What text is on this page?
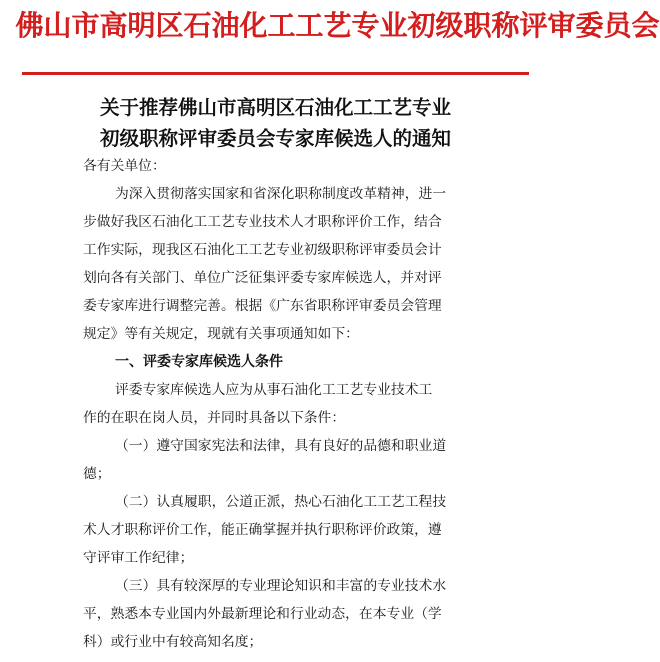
佛山市高明区石油化工工艺专业初级职称评审委员会
关于推荐佛山市高明区石油化工工艺专业
初级职称评审委员会专家库候选人的通知
各有关单位：
为深入贯彻落实国家和省深化职称制度改革精神，进一
步做好我区石油化工工艺专业技术人才职称评价工作，结合
工作实际，现我区石油化工工艺专业初级职称评审委员会计
划向各有关部门、单位广泛征集评委专家库候选人，并对评
委专家库进行调整完善。根据《广东省职称评审委员会管理
规定》等有关规定，现就有关事项通知如下：
一、评委专家库候选人条件
评委专家库候选人应为从事石油化工工艺专业技术工
作的在职在岗人员，并同时具备以下条件：
（一）遵守国家宪法和法律，具有良好的品德和职业道
德；
（二）认真履职，公道正派，热心石油化工工艺工程技
术人才职称评价工作，能正确掌握并执行职称评价政策，遵
守评审工作纪律；
（三）具有较深厚的专业理论知识和丰富的专业技术水
平，熟悉本专业国内外最新理论和行业动态，在本专业（学
科）或行业中有较高知名度；
